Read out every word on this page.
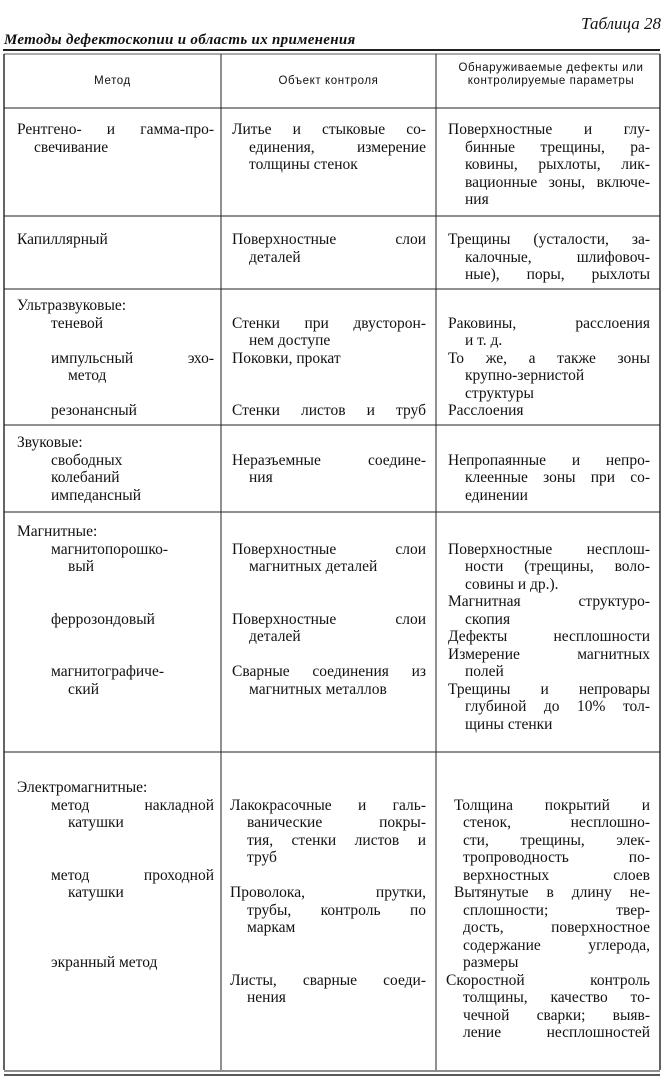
Таблица 28
Методы дефектоскопии и область их применения
Метод	Объект контроля
Обнаруживаемые дефекты или контролируемые параметры
Рентгено- и гамма-про-
свечивание
Литье и стыковые со-
единения, измерение
толщины стенок
Поверхностные и глу-
бинные трещины, ра-
ковины, рыхлоты, лик-
вационные зоны, включе-
ния
Капиллярный	Поверхностные слои
деталей
Трещины (усталости, за-
калочные, шлифовоч-
ные), поры, рыхлоты
Ультразвуковые:
теневой
импульсный эхо-
метод
резонансный
Стенки при двусторон-
нем доступе
Поковки, прокат
Стенки листов и труб
Раковины, расслоения
и т. д.
То же, а также зоны
крупно-зернистой
структуры
Расслоения
Звуковые:
свободных
колебаний
импедансный
Неразъемные соедине-
ния
Непропаянные и непро-
клеенные зоны при со-
единении
Магнитные:
магнитопорошко-
вый
феррозондовый
магнитографиче-
ский
Поверхностные слои
магнитных деталей
Поверхностные слои
деталей
Сварные соединения из
магнитных металлов
Поверхностные несплош-
ности (трещины, воло-
совины и др.).
Магнитная структуро-
скопия
Дефекты несплошности
Измерение магнитных
полей
Трещины и непровары
глубиной до 10% тол-
щины стенки
Электромагнитные:
метод накладной
катушки
метод проходной
катушки
экранный метод
Лакокрасочные и галь-
ванические покры-
тия, стенки листов и
труб
Проволока, прутки,
трубы, контроль по
маркам
Листы, сварные соеди-
нения
Толщина покрытий и
стенок, несплошно-
сти, трещины, элек-
тропроводность по-
верхностных слоев
Вытянутые в длину не-
сплошности; твер-
дость, поверхностное
содержание углерода,
размеры
Скоростной контроль
толщины, качество то-
чечной сварки; выяв-
ление несплошностей
